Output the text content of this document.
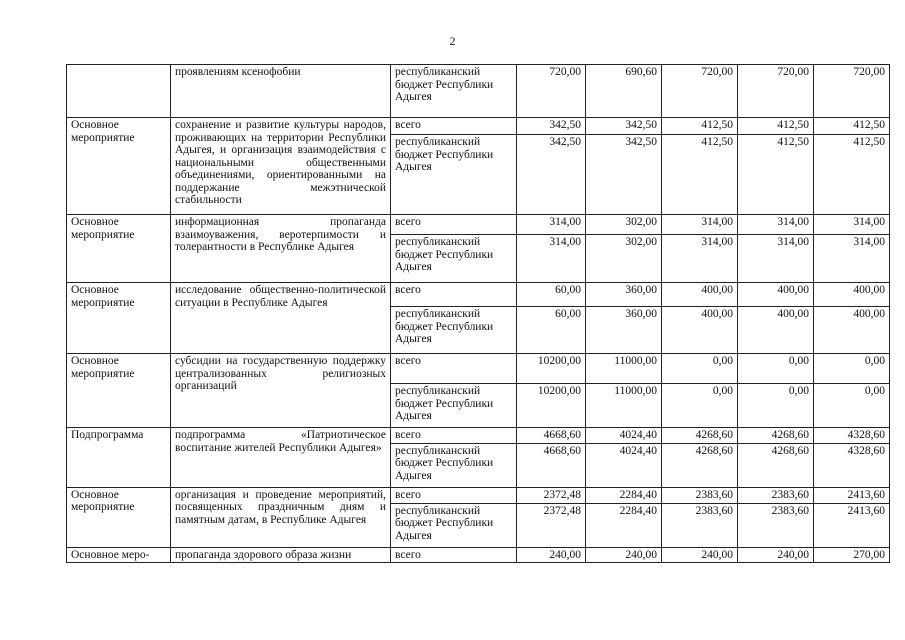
2
	проявлениям ксенофобии	республиканский бюджет Республики Адыгея	720,00	690,60	720,00	720,00	720,00
Основное мероприятие	сохранение и развитие культуры народов, проживающих на территории Республики Адыгея, и организация взаимодействия с национальными общественными объединениями, ориентированными на поддержание межэтнической стабильности	всего	342,50	342,50	412,50	412,50	412,50
		республиканский бюджет Республики Адыгея	342,50	342,50	412,50	412,50	412,50
Основное мероприятие	информационная пропаганда взаимоуважения, веротерпимости и толерантности в Республике Адыгея	всего	314,00	302,00	314,00	314,00	314,00
		республиканский бюджет Республики Адыгея	314,00	302,00	314,00	314,00	314,00
Основное мероприятие	исследование общественно-политической ситуации в Республике Адыгея	всего	60,00	360,00	400,00	400,00	400,00
		республиканский бюджет Республики Адыгея	60,00	360,00	400,00	400,00	400,00
Основное мероприятие	субсидии на государственную поддержку централизованных религиозных организаций	всего	10200,00	11000,00	0,00	0,00	0,00
		республиканский бюджет Республики Адыгея	10200,00	11000,00	0,00	0,00	0,00
Подпрограмма	подпрограмма «Патриотическое воспитание жителей Республики Адыгея»	всего	4668,60	4024,40	4268,60	4268,60	4328,60
		республиканский бюджет Республики Адыгея	4668,60	4024,40	4268,60	4268,60	4328,60
Основное мероприятие	организация и проведение мероприятий, посвященных праздничным дням и памятным датам, в Республике Адыгея	всего	2372,48	2284,40	2383,60	2383,60	2413,60
		республиканский бюджет Республики Адыгея	2372,48	2284,40	2383,60	2383,60	2413,60
Основное меро-	пропаганда здорового образа жизни	всего	240,00	240,00	240,00	240,00	270,00
